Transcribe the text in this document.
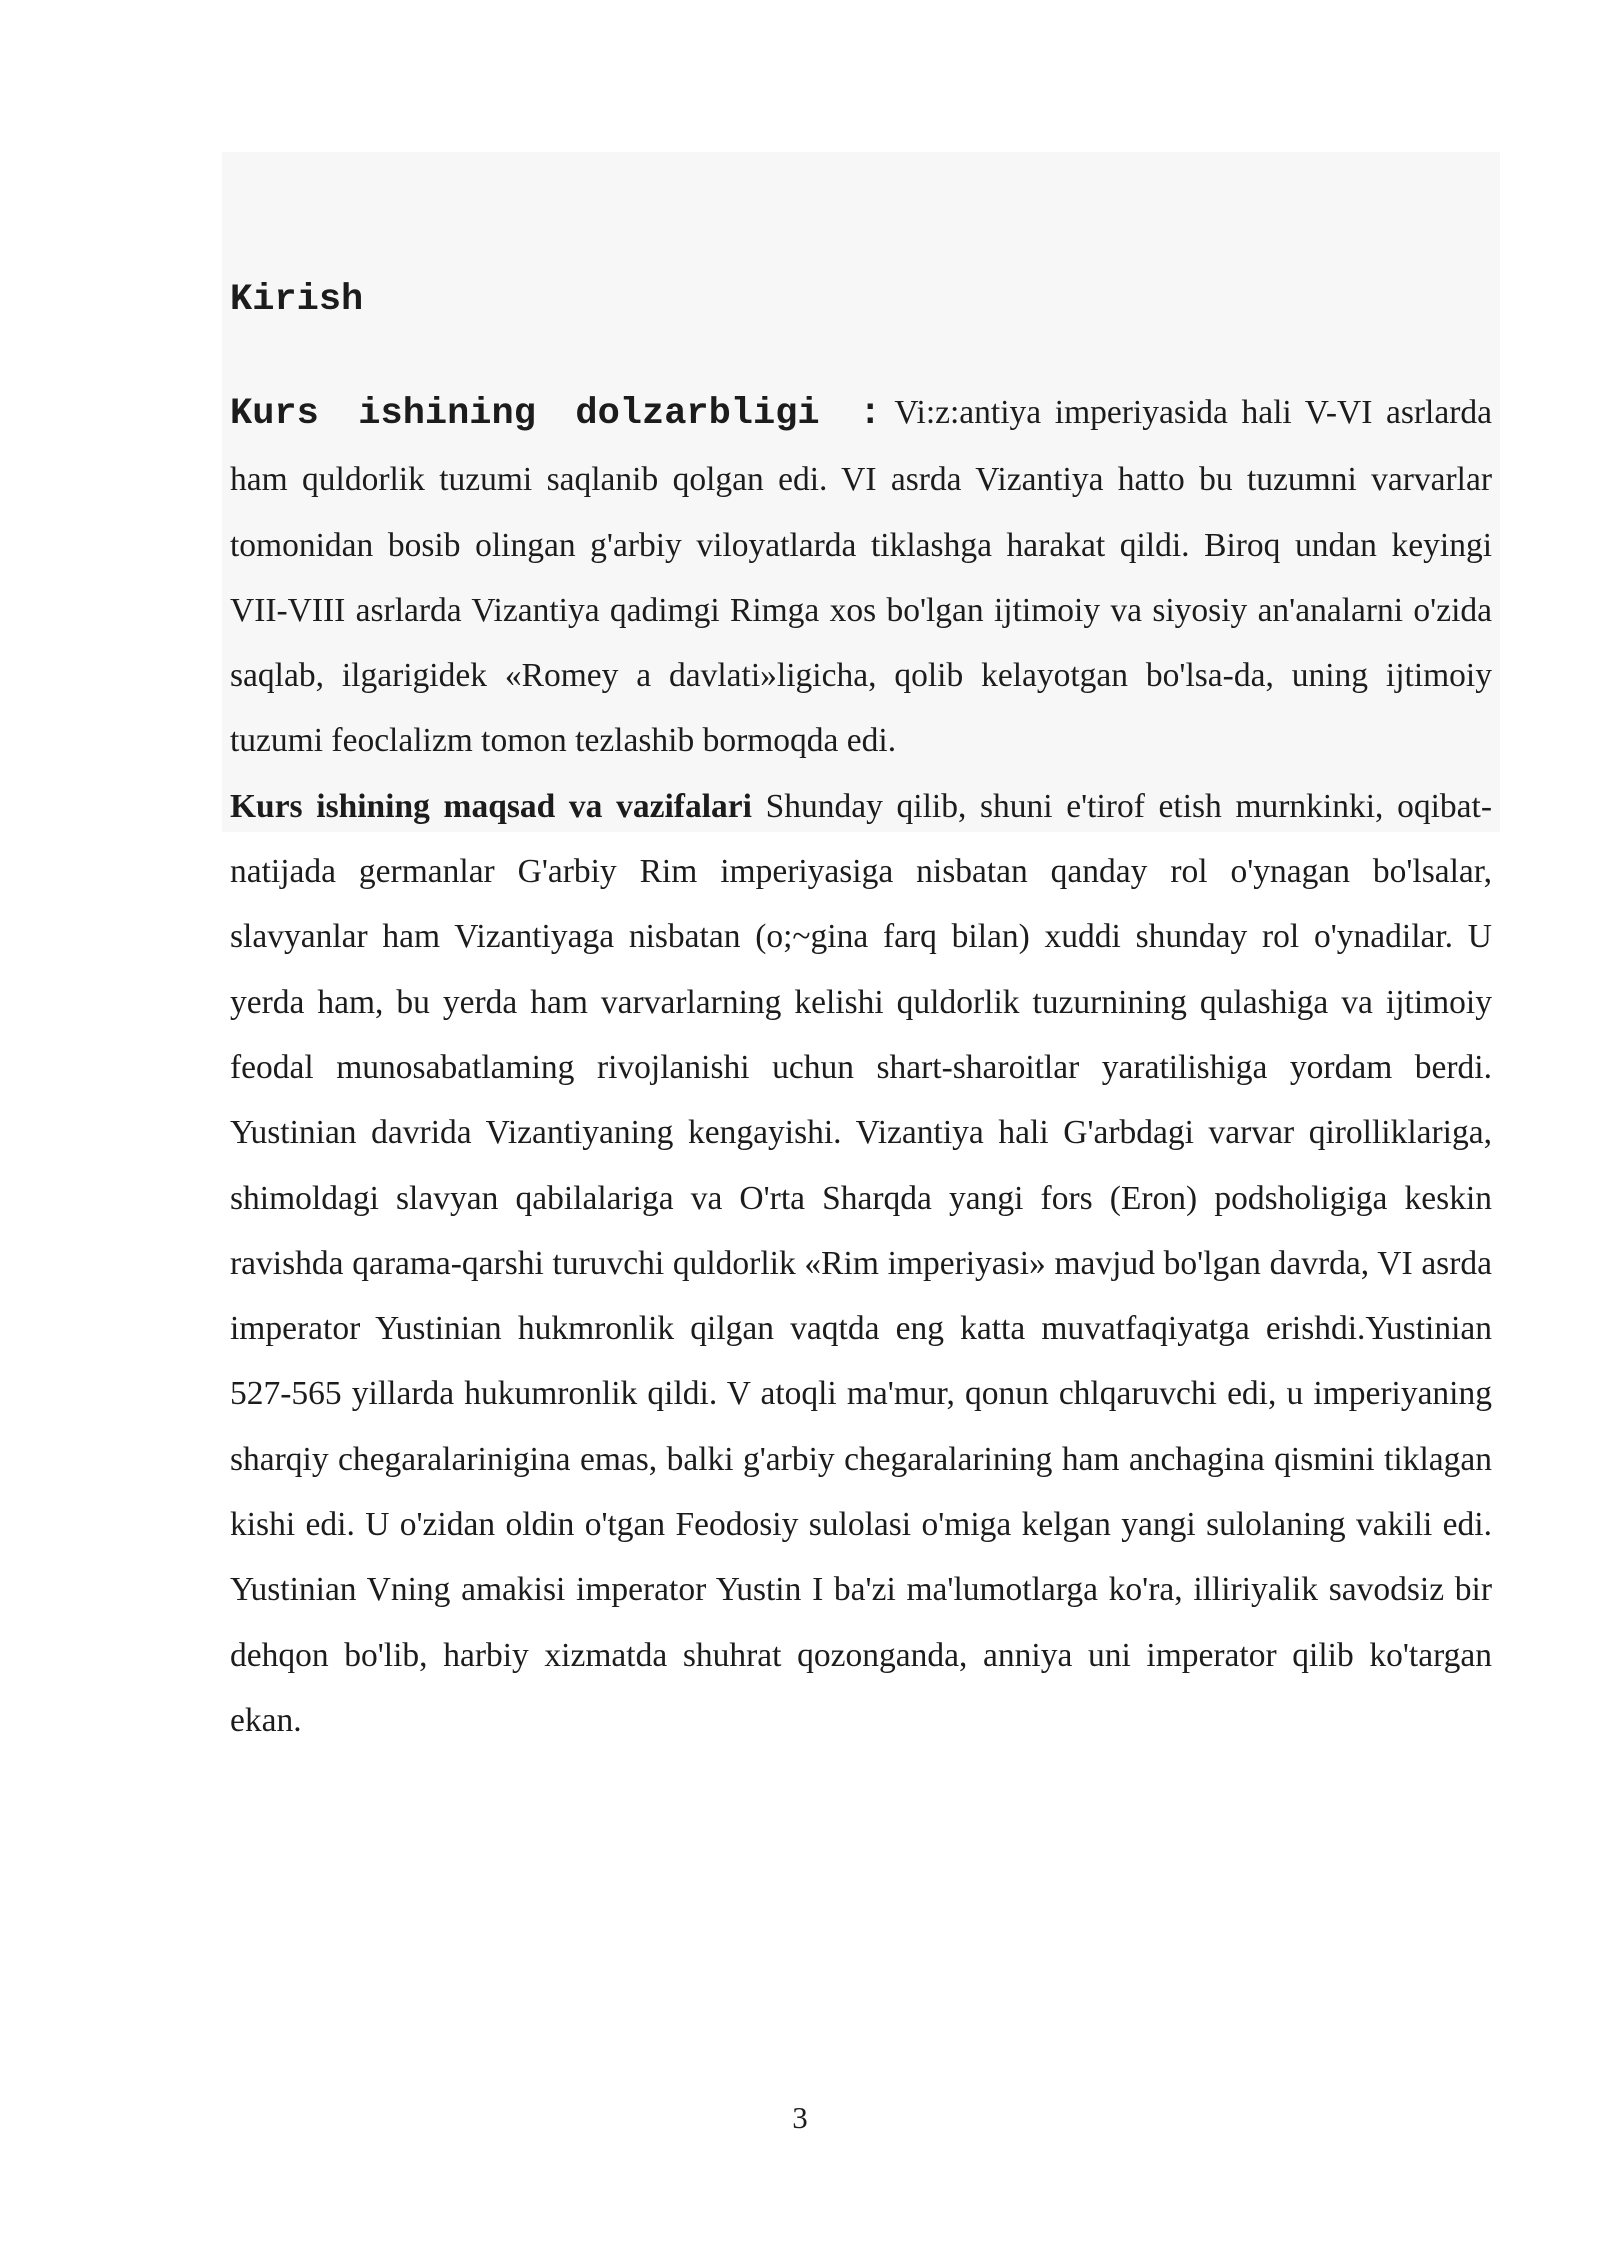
Kirish

Kurs ishining dolzarbligi : Vi:z:antiya imperiyasida hali V-VI asrlarda ham quldorlik tuzumi saqlanib qolgan edi. VI asrda Vizantiya hatto bu tuzumni varvarlar tomonidan bosib olingan g'arbiy viloyatlarda tiklashga harakat qildi. Biroq undan keyingi VII-VIII asrlarda Vizantiya qadimgi Rimga xos bo'lgan ijtimoiy va siyosiy an'analarni o'zida saqlab, ilgarigidek «Romey a davlati»ligicha, qolib kelayotgan bo'lsa-da, uning ijtimoiy tuzumi feoclalizm tomon tezlashib bormoqda edi.

Kurs ishining maqsad va vazifalari Shunday qilib, shuni e'tirof etish murnkinki, oqibat-natijada germanlar G'arbiy Rim imperiyasiga nisbatan qanday rol o'ynagan bo'lsalar, slavyanlar ham Vizantiyaga nisbatan (o;~gina farq bilan) xuddi shunday rol o'ynadilar. U yerda ham, bu yerda ham varvarlarning kelishi quldorlik tuzurnining qulashiga va ijtimoiy feodal munosabatlaming rivojlanishi uchun shart-sharoitlar yaratilishiga yordam berdi. Yustinian davrida Vizantiyaning kengayishi. Vizantiya hali G'arbdagi varvar qirolliklariga, shimoldagi slavyan qabilalariga va O'rta Sharqda yangi fors (Eron) podsholigiga keskin ravishda qarama-qarshi turuvchi quldorlik «Rim imperiyasi» mavjud bo'lgan davrda, VI asrda imperator Yustinian hukmronlik qilgan vaqtda eng katta muvatfaqiyatga erishdi.Yustinian 527-565 yillarda hukumronlik qildi. V atoqli ma'mur, qonun chlqaruvchi edi, u imperiyaning sharqiy chegaralarinigina emas, balki g'arbiy chegaralarining ham anchagina qismini tiklagan kishi edi. U o'zidan oldin o'tgan Feodosiy sulolasi o'miga kelgan yangi sulolaning vakili edi. Yustinian Vning amakisi imperator Yustin I ba'zi ma'lumotlarga ko'ra, illiriyalik savodsiz bir dehqon bo'lib, harbiy xizmatda shuhrat qozonganda, anniya uni imperator qilib ko'targan ekan.

3
